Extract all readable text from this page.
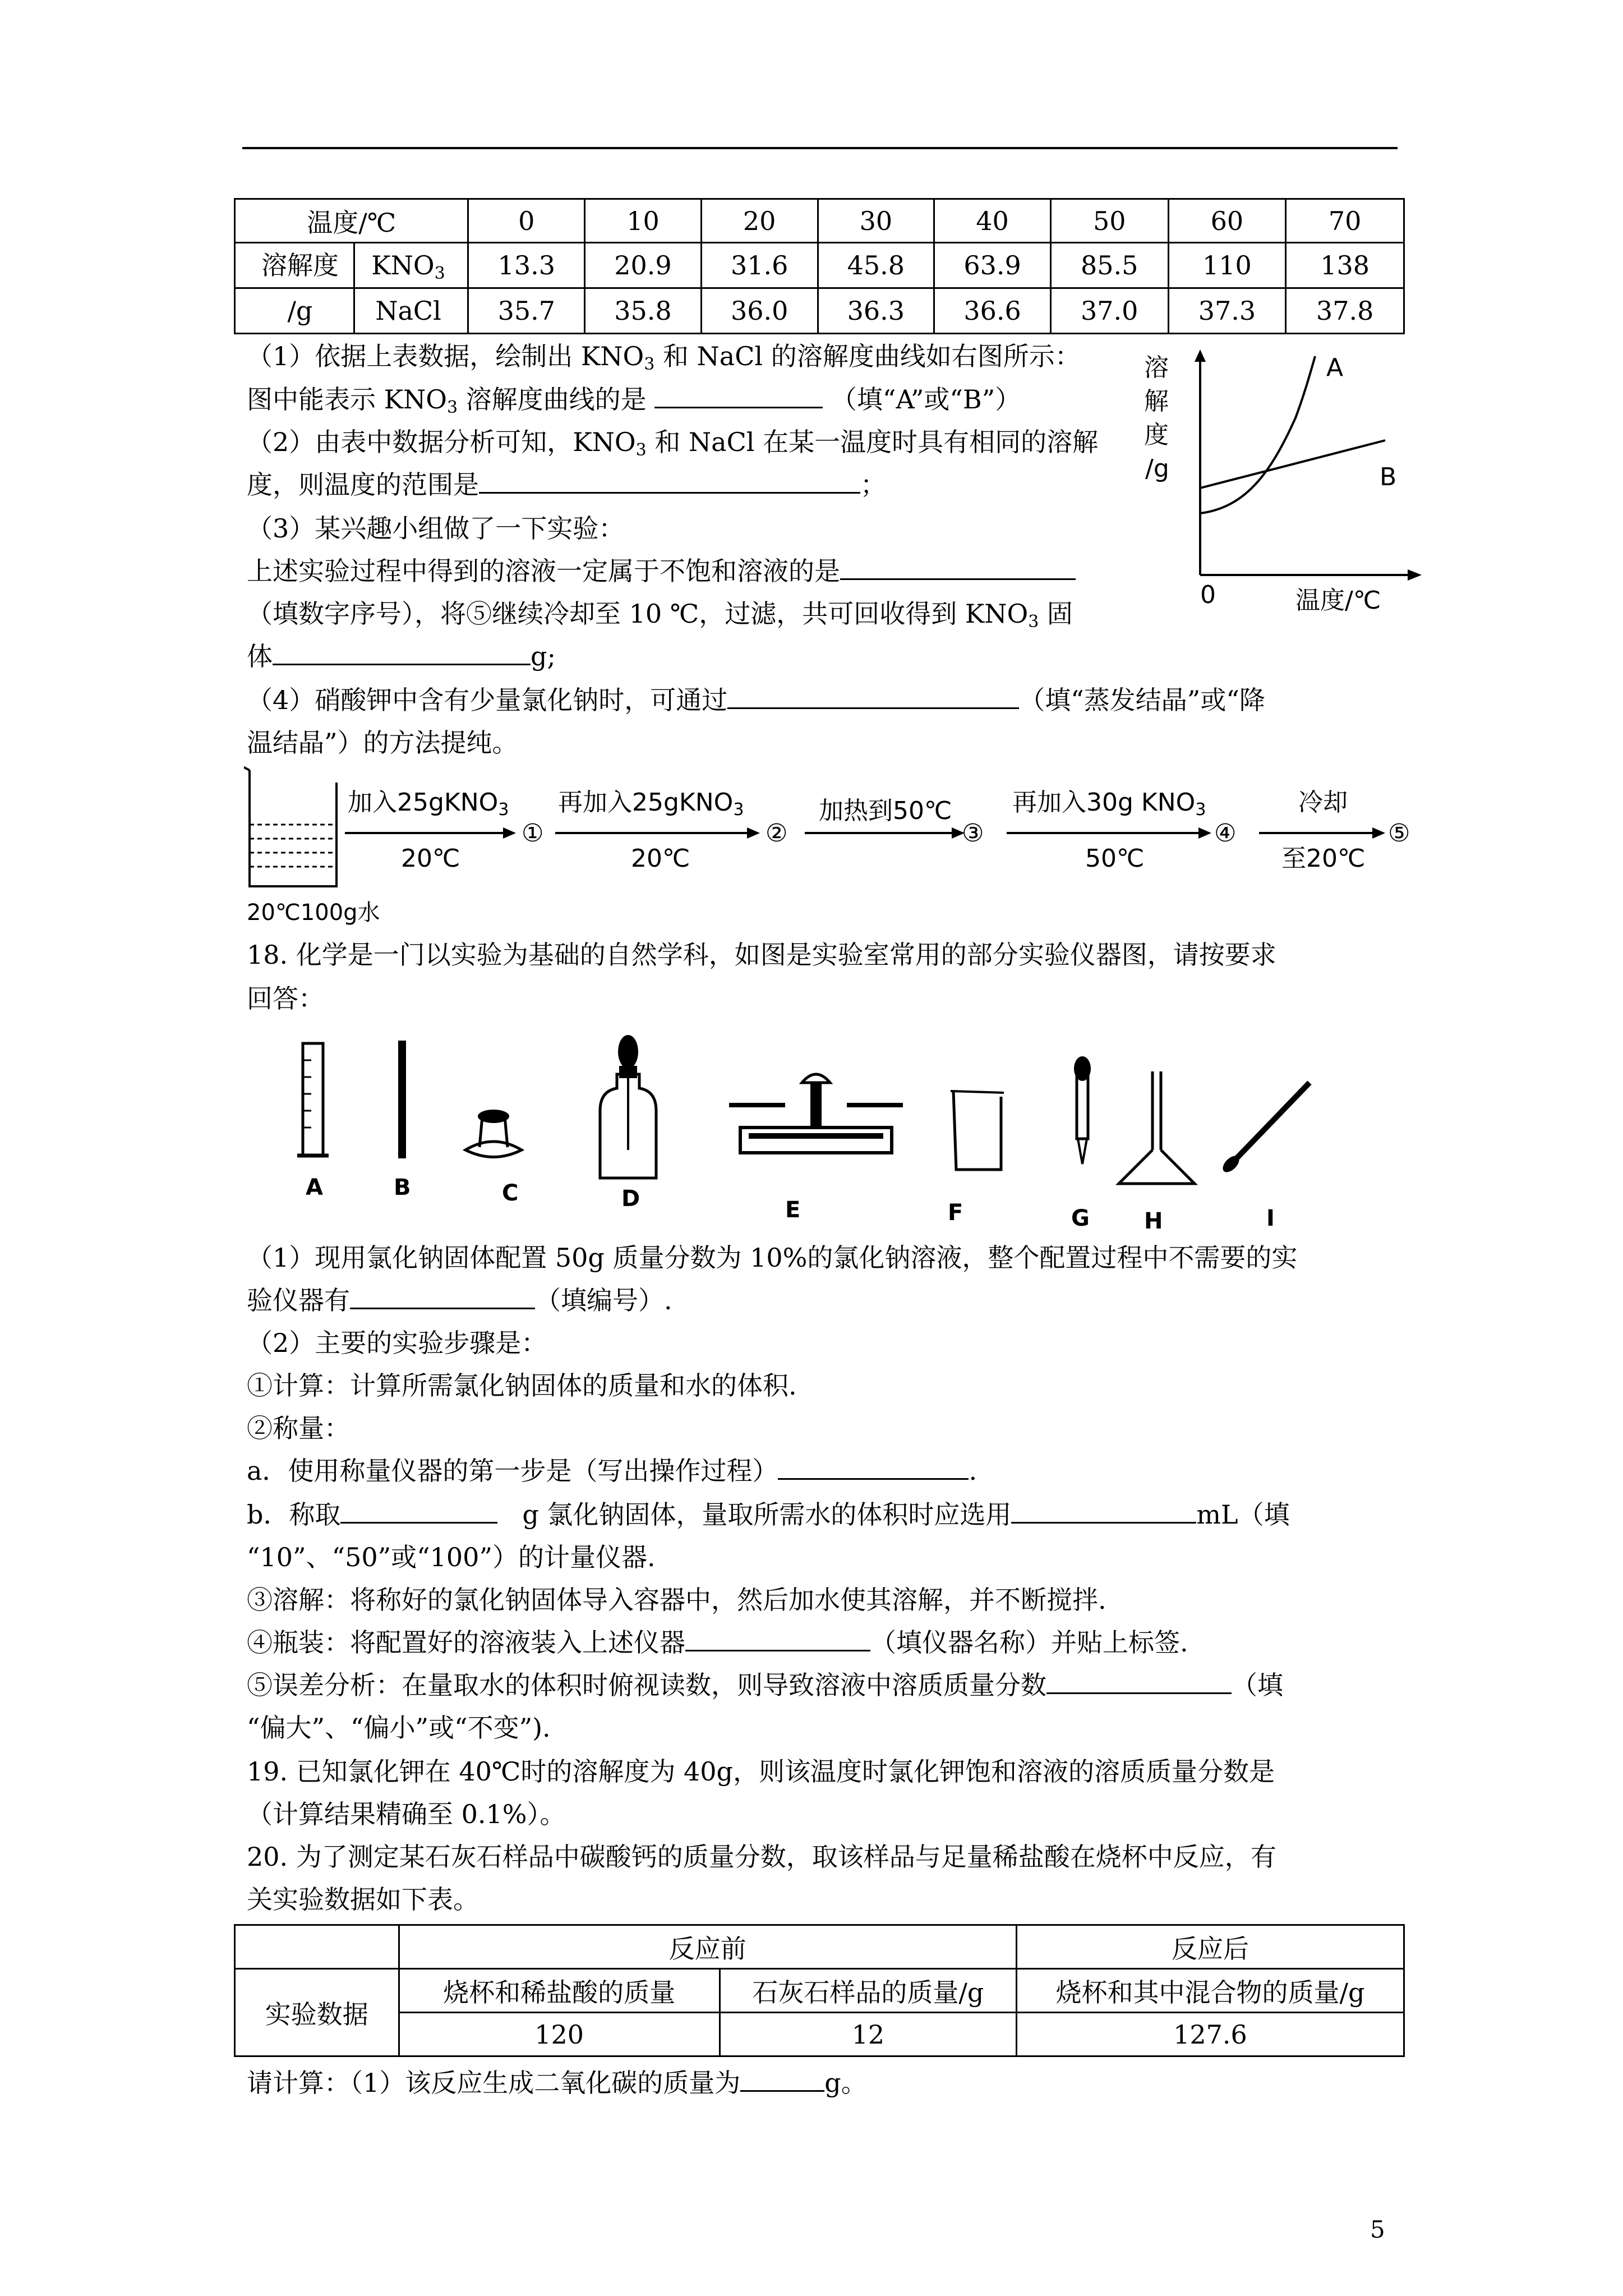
温度/℃	0	10	20	30	40	50	60	70
溶解度 $KNO_3$	13.3	20.9	31.6	45.8	63.9	85.5	110	138
/g NaCl	35.7	35.8	36.0	36.3	36.6	37.0	37.3	37.8
（1）依据上表数据，绘制出 $KNO_3$ 和 NaCl 的溶解度曲线如右图所示：
图中能表示 $KNO_3$ 溶解度曲线的是	（填“A”或“B”）
（2）由表中数据分析可知，$KNO_3$ 和 NaCl 在某一温度时具有相同的溶解
度，则温度的范围是	；
（3）某兴趣小组做了一下实验：
上述实验过程中得到的溶液一定属于不饱和溶液的是
（填数字序号），将⑤继续冷却至 10 ℃，过滤，共可回收得到 $KNO_3$ 固
体	g;
（4）硝酸钾中含有少量氯化钠时，可通过	（填“蒸发结晶”或“降
温结晶”）的方法提纯。
溶
解
度
/g
0	温度/℃
A
B
20℃100g水
加入25gKNO3
20℃
①
再加入25gKNO3
20℃
②
加热到50℃
③
再加入30g KNO3
50℃
④
冷却
至20℃
⑤
18. 化学是一门以实验为基础的自然学科，如图是实验室常用的部分实验仪器图，请按要求
回答：
A	B	C	D	E	F	G H	I
（1）现用氯化钠固体配置 50g 质量分数为 10%的氯化钠溶液，整个配置过程中不需要的实
验仪器有	（填编号）.
（2）主要的实验步骤是：
①计算：计算所需氯化钠固体的质量和水的体积.
②称量：
a．使用称量仪器的第一步是（写出操作过程）	.
b．称取	g 氯化钠固体，量取所需水的体积时应选用	mL（填
“10”、“50”或“100”）的计量仪器.
③溶解：将称好的氯化钠固体导入容器中，然后加水使其溶解，并不断搅拌.
④瓶装：将配置好的溶液装入上述仪器	（填仪器名称）并贴上标签.
⑤误差分析：在量取水的体积时俯视读数，则导致溶液中溶质质量分数	（填
“偏大”、“偏小”或“不变”).
19. 已知氯化钾在 40℃时的溶解度为 40g，则该温度时氯化钾饱和溶液的溶质质量分数是
（计算结果精确至 0.1%）。
20. 为了测定某石灰石样品中碳酸钙的质量分数，取该样品与足量稀盐酸在烧杯中反应，有
关实验数据如下表。
	反应前		反应后
实验数据	烧杯和稀盐酸的质量	石灰石样品的质量/g	烧杯和其中混合物的质量/g
	120	12	127.6
请计算：（1）该反应生成二氧化碳的质量为	g。
5
